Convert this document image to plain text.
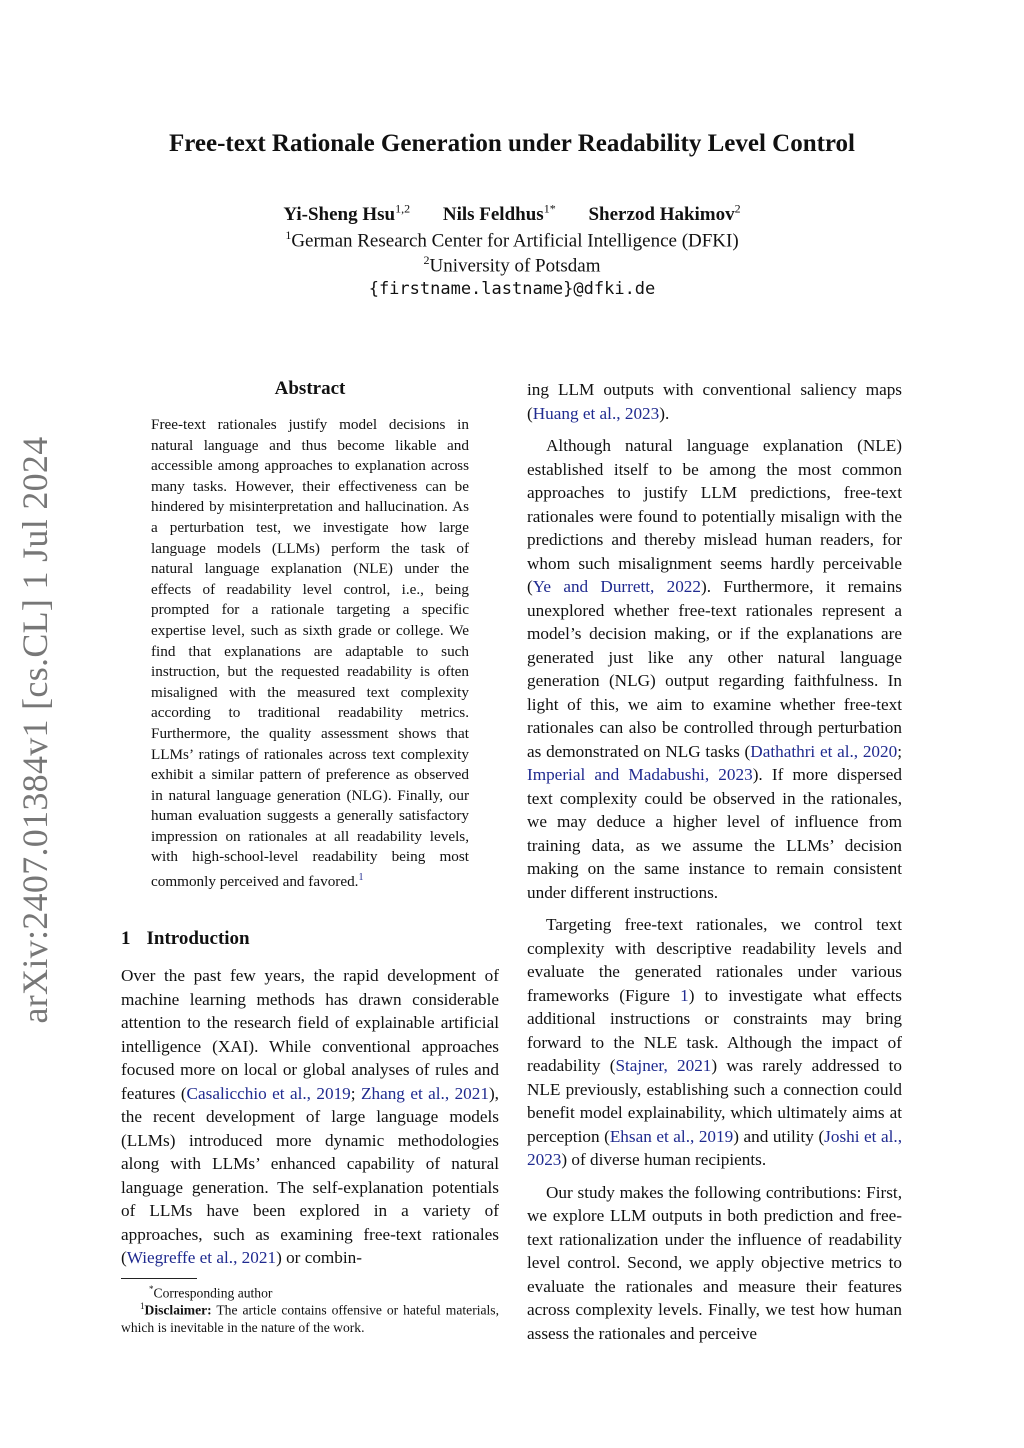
arXiv:2407.01384v1 [cs.CL] 1 Jul 2024
Free-text Rationale Generation under Readability Level Control
Yi-Sheng Hsu$^{1,2}$ Nils Feldhus$^{1*}$ Sherzod Hakimov$^2$
$^1$German Research Center for Artificial Intelligence (DFKI)
$^2$University of Potsdam
{firstname.lastname}@dfki.de
Abstract
Free-text rationales justify model decisions in natural language and thus become likable and accessible among approaches to explanation across many tasks. However, their effectiveness can be hindered by misinterpretation and hallucination. As a perturbation test, we investigate how large language models (LLMs) perform the task of natural language explanation (NLE) under the effects of readability level control, i.e., being prompted for a rationale targeting a specific expertise level, such as sixth grade or college. We find that explanations are adaptable to such instruction, but the requested readability is often misaligned with the measured text complexity according to traditional readability metrics. Furthermore, the quality assessment shows that LLMs’ ratings of rationales across text complexity exhibit a similar pattern of preference as observed in natural language generation (NLG). Finally, our human evaluation suggests a generally satisfactory impression on rationales at all readability levels, with high-school-level readability being most commonly perceived and favored.$^1$
1 Introduction

Over the past few years, the rapid development of machine learning methods has drawn considerable attention to the research field of explainable artificial intelligence (XAI). While conventional approaches focused more on local or global analyses of rules and features (Casalicchio et al., 2019; Zhang et al., 2021), the recent development of large language models (LLMs) introduced more dynamic methodologies along with LLMs’ enhanced capability of natural language generation. The self-explanation potentials of LLMs have been explored in a variety of approaches, such as examining free-text rationales (Wiegreffe et al., 2021) or combin-

*Corresponding author
$^1$Disclaimer: The article contains offensive or hateful materials, which is inevitable in the nature of the work.

ing LLM outputs with conventional saliency maps (Huang et al., 2023).

Although natural language explanation (NLE) established itself to be among the most common approaches to justify LLM predictions, free-text rationales were found to potentially misalign with the predictions and thereby mislead human readers, for whom such misalignment seems hardly perceivable (Ye and Durrett, 2022). Furthermore, it remains unexplored whether free-text rationales represent a model’s decision making, or if the explanations are generated just like any other natural language generation (NLG) output regarding faithfulness. In light of this, we aim to examine whether free-text rationales can also be controlled through perturbation as demonstrated on NLG tasks (Dathathri et al., 2020; Imperial and Madabushi, 2023). If more dispersed text complexity could be observed in the rationales, we may deduce a higher level of influence from training data, as we assume the LLMs’ decision making on the same instance to remain consistent under different instructions.

Targeting free-text rationales, we control text complexity with descriptive readability levels and evaluate the generated rationales under various frameworks (Figure 1) to investigate what effects additional instructions or constraints may bring forward to the NLE task. Although the impact of readability (Stajner, 2021) was rarely addressed to NLE previously, establishing such a connection could benefit model explainability, which ultimately aims at perception (Ehsan et al., 2019) and utility (Joshi et al., 2023) of diverse human recipients.

Our study makes the following contributions: First, we explore LLM outputs in both prediction and free-text rationalization under the influence of readability level control. Second, we apply objective metrics to evaluate the rationales and measure their features across complexity levels. Finally, we test how human assess the rationales and perceive
